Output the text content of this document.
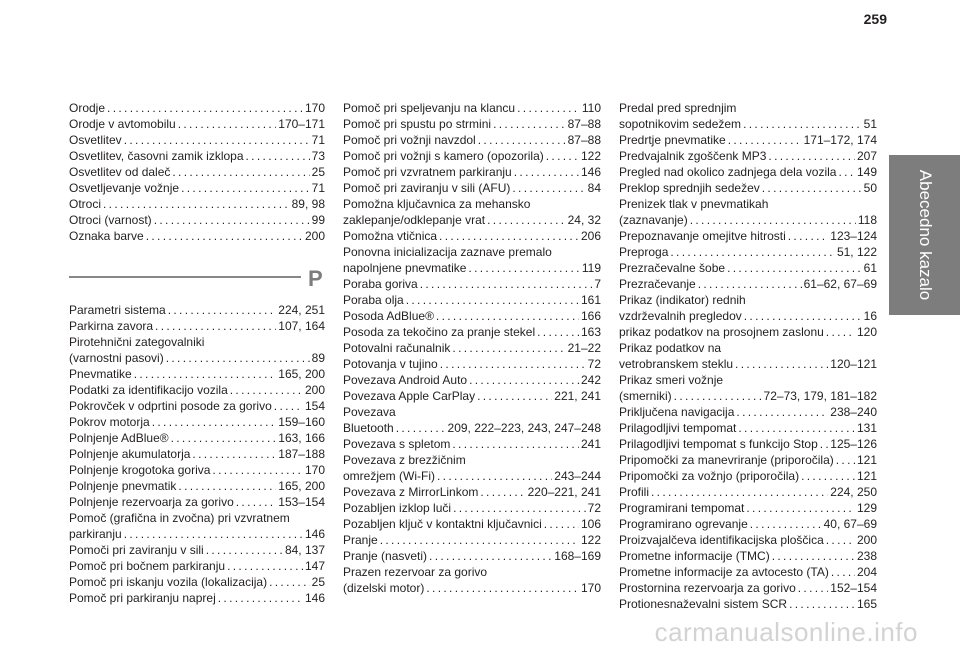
259
Abecedno kazalo
Orodje . . .	170
Orodje v avtomobilu . . .	170–171
Osvetlitev . . .	71
Osvetlitev, časovni zamik izklopa . . .	73
Osvetlitev od daleč . . .	25
Osvetljevanje vožnje . . .	71
Otroci . . .	89, 98
Otroci (varnost) . . .	99
Oznaka barve . . .	200
P
Parametri sistema . . .	224, 251
Parkirna zavora . . .	107, 164
Pirotehnični zategovalniki
(varnostni pasovi) . . .	89
Pnevmatike . . .	165, 200
Podatki za identifikacijo vozila . . .	200
Pokrovček v odprtini posode za gorivo . . .	154
Pokrov motorja . . .	159–160
Polnjenje AdBlue® . . .	163, 166
Polnjenje akumulatorja . . .	187–188
Polnjenje krogotoka goriva . . .	170
Polnjenje pnevmatik . . .	165, 200
Polnjenje rezervoarja za gorivo . . .	153–154
Pomoč (grafična in zvočna) pri vzvratnem
parkiranju . . .	146
Pomoči pri zaviranju v sili . . .	84, 137
Pomoč pri bočnem parkiranju . . .	147
Pomoč pri iskanju vozila (lokalizacija) . . .	25
Pomoč pri parkiranju naprej . . .	146
Pomoč pri speljevanju na klancu . . .	110
Pomoč pri spustu po strmini . . .	87–88
Pomoč pri vožnji navzdol . . .	87–88
Pomoč pri vožnji s kamero (opozorila) . . .	122
Pomoč pri vzvratnem parkiranju . . .	146
Pomoč pri zaviranju v sili (AFU) . . .	84
Pomožna ključavnica za mehansko
zaklepanje/odklepanje vrat . . .	24, 32
Pomožna vtičnica . . .	206
Ponovna inicializacija zaznave premalo
napolnjene pnevmatike . . .	119
Poraba goriva . . .	7
Poraba olja . . .	161
Posoda AdBlue® . . .	166
Posoda za tekočino za pranje stekel . . .	163
Potovalni računalnik . . .	21–22
Potovanja v tujino . . .	72
Povezava Android Auto . . .	242
Povezava Apple CarPlay . . .	221, 241
Povezava
Bluetooth . . .	209, 222–223, 243, 247–248
Povezava s spletom . . .	241
Povezava z brezžičnim
omrežjem (Wi-Fi) . . .	243–244
Povezava z MirrorLinkom . . .	220–221, 241
Pozabljen izklop luči . . .	72
Pozabljen ključ v kontaktni ključavnici . . .	106
Pranje . . .	122
Pranje (nasveti) . . .	168–169
Prazen rezervoar za gorivo
(dizelski motor) . . .	170
Predal pred sprednjim
sopotnikovim sedežem . . .	51
Predrtje pnevmatike . . .	171–172, 174
Predvajalnik zgoščenk MP3 . . .	207
Pregled nad okolico zadnjega dela vozila . . . 149
Preklop sprednjih sedežev . . .	50
Prenizek tlak v pnevmatikah
(zaznavanje) . . .	118
Prepoznavanje omejitve hitrosti . . .	123–124
Preproga . . .	51, 122
Prezračevalne šobe . . .	61
Prezračevanje . . .	61–62, 67–69
Prikaz (indikator) rednih
vzdrževalnih pregledov . . .	16
prikaz podatkov na prosojnem zaslonu . . .	120
Prikaz podatkov na
vetrobranskem steklu . . .	120–121
Prikaz smeri vožnje
(smerniki) . . .	72–73, 179, 181–182
Priključena navigacija . . .	238–240
Prilagodljivi tempomat . . .	131
Prilagodljivi tempomat s funkcijo Stop . . . 125–126
Pripomočki za manevriranje (priporočila) . . . 121
Pripomočki za vožnjo (priporočila) . . .	121
Profili . . .	224, 250
Programirani tempomat . . .	129
Programirano ogrevanje . . .	40, 67–69
Proizvajalčeva identifikacijska ploščica . . .	200
Prometne informacije (TMC) . . .	238
Prometne informacije za avtocesto (TA) . . . 204
Prostornina rezervoarja za gorivo . . .	152–154
Protionesnaževalni sistem SCR . . .	165
carmanualsonline.info
